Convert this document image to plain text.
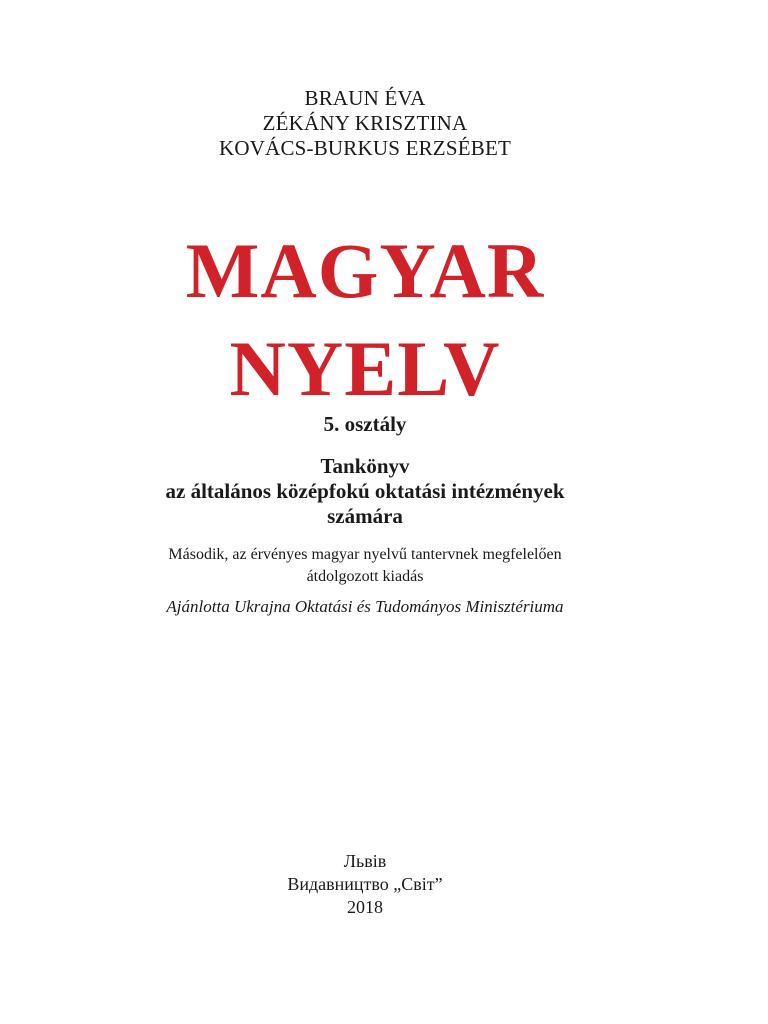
BRAUN ÉVA
ZÉKÁNY KRISZTINA
KOVÁCS-BURKUS ERZSÉBET
MAGYAR
NYELV
5. osztály
Tankönyv
az általános középfokú oktatási intézmények
számára
Második, az érvényes magyar nyelvű tantervnek megfelelően
átdolgozott kiadás
Ajánlotta Ukrajna Oktatási és Tudományos Minisztériuma
Львів
Видавництво „Світ”
2018
